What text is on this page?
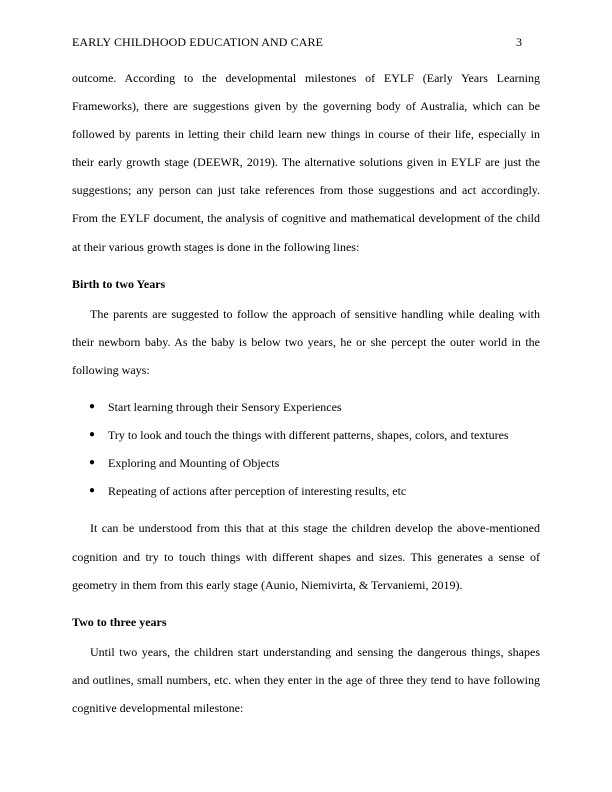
EARLY CHILDHOOD EDUCATION AND CARE	3

outcome. According to the developmental milestones of EYLF (Early Years Learning Frameworks), there are suggestions given by the governing body of Australia, which can be followed by parents in letting their child learn new things in course of their life, especially in their early growth stage (DEEWR, 2019). The alternative solutions given in EYLF are just the suggestions; any person can just take references from those suggestions and act accordingly. From the EYLF document, the analysis of cognitive and mathematical development of the child at their various growth stages is done in the following lines:

Birth to two Years

The parents are suggested to follow the approach of sensitive handling while dealing with their newborn baby. As the baby is below two years, he or she percept the outer world in the following ways:

● Start learning through their Sensory Experiences
● Try to look and touch the things with different patterns, shapes, colors, and textures
● Exploring and Mounting of Objects
● Repeating of actions after perception of interesting results, etc

It can be understood from this that at this stage the children develop the above-mentioned cognition and try to touch things with different shapes and sizes. This generates a sense of geometry in them from this early stage (Aunio, Niemivirta, & Tervaniemi, 2019).

Two to three years

Until two years, the children start understanding and sensing the dangerous things, shapes and outlines, small numbers, etc. when they enter in the age of three they tend to have following cognitive developmental milestone:
